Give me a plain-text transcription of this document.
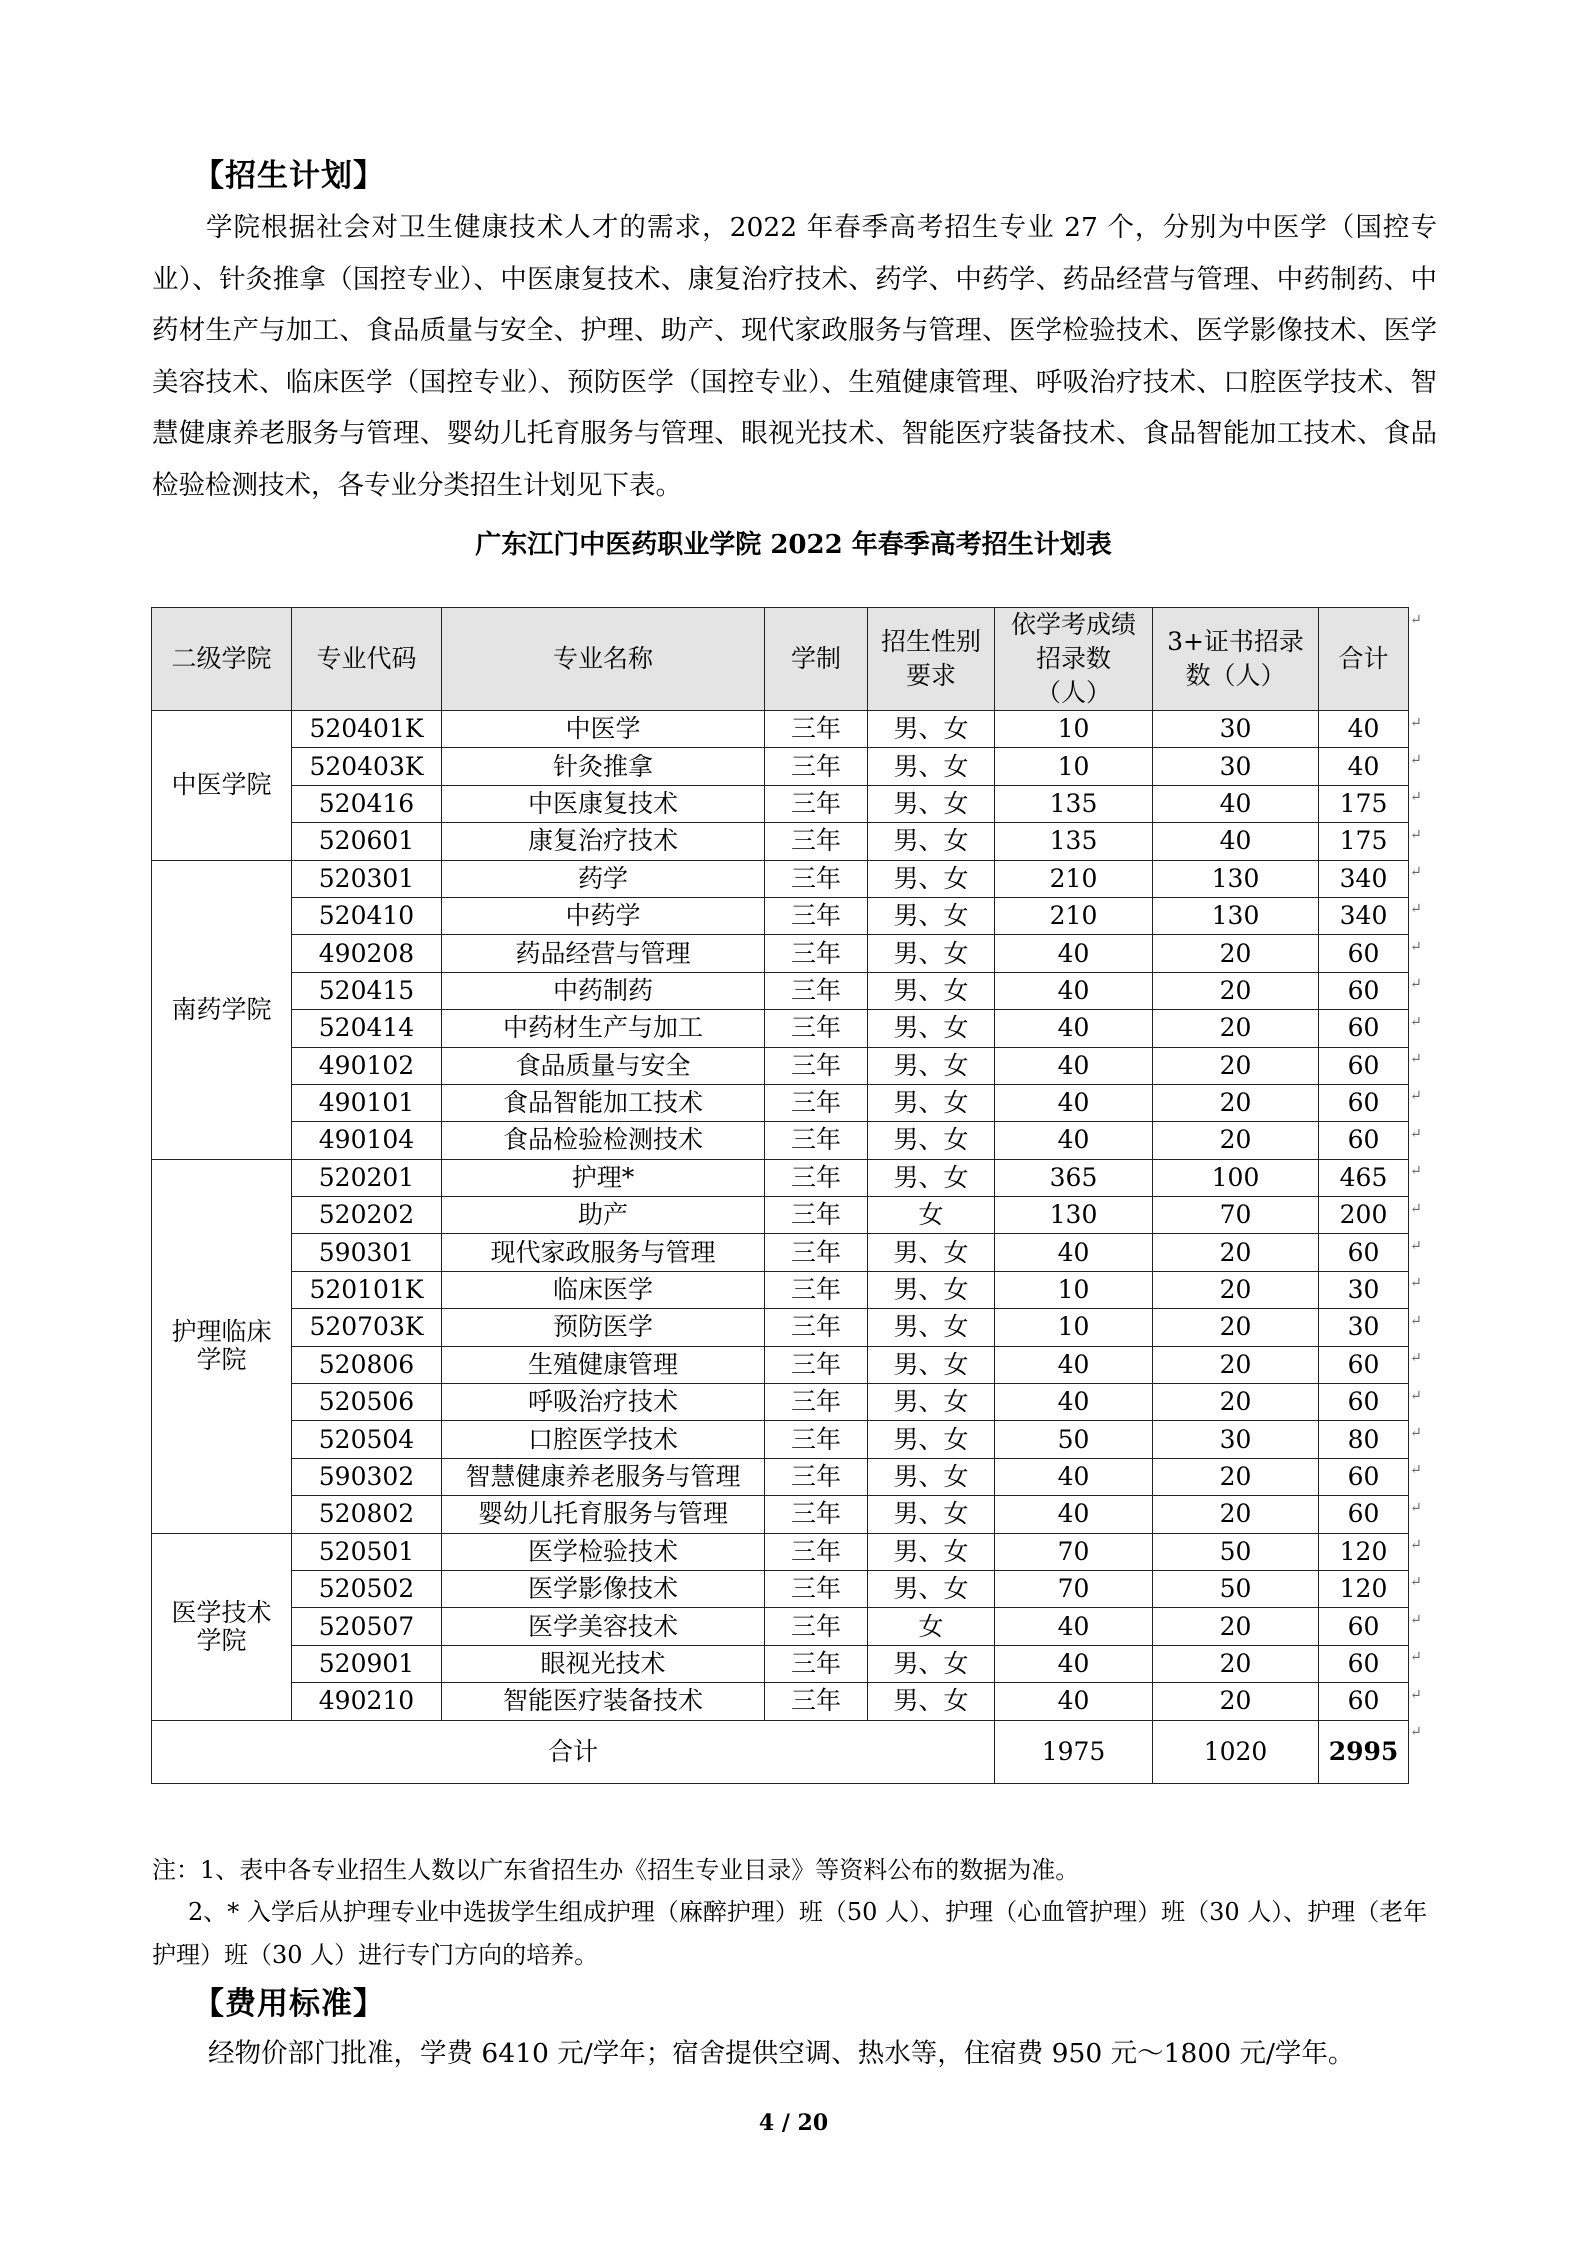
【招生计划】
学院根据社会对卫生健康技术人才的需求，2022 年春季高考招生专业 27 个，分别为中医学（国控专业）、针灸推拿（国控专业）、中医康复技术、康复治疗技术、药学、中药学、药品经营与管理、中药制药、中药材生产与加工、食品质量与安全、护理、助产、现代家政服务与管理、医学检验技术、医学影像技术、医学美容技术、临床医学（国控专业）、预防医学（国控专业）、生殖健康管理、呼吸治疗技术、口腔医学技术、智慧健康养老服务与管理、婴幼儿托育服务与管理、眼视光技术、智能医疗装备技术、食品智能加工技术、食品检验检测技术，各专业分类招生计划见下表。
广东江门中医药职业学院 2022 年春季高考招生计划表
二级学院	专业代码	专业名称	学制	招生性别要求	依学考成绩招录数（人）	3+证书招录数（人）	合计
中医学院	520401K	中医学	三年	男、女	10	30	40
	520403K	针灸推拿	三年	男、女	10	30	40
	520416	中医康复技术	三年	男、女	135	40	175
	520601	康复治疗技术	三年	男、女	135	40	175
南药学院	520301	药学	三年	男、女	210	130	340
	520410	中药学	三年	男、女	210	130	340
	490208	药品经营与管理	三年	男、女	40	20	60
	520415	中药制药	三年	男、女	40	20	60
	520414	中药材生产与加工	三年	男、女	40	20	60
	490102	食品质量与安全	三年	男、女	40	20	60
	490101	食品智能加工技术	三年	男、女	40	20	60
	490104	食品检验检测技术	三年	男、女	40	20	60
护理临床学院	520201	护理*	三年	男、女	365	100	465
	520202	助产	三年	女	130	70	200
	590301	现代家政服务与管理	三年	男、女	40	20	60
	520101K	临床医学	三年	男、女	10	20	30
	520703K	预防医学	三年	男、女	10	20	30
	520806	生殖健康管理	三年	男、女	40	20	60
	520506	呼吸治疗技术	三年	男、女	40	20	60
	520504	口腔医学技术	三年	男、女	50	30	80
	590302	智慧健康养老服务与管理	三年	男、女	40	20	60
	520802	婴幼儿托育服务与管理	三年	男、女	40	20	60
医学技术学院	520501	医学检验技术	三年	男、女	70	50	120
	520502	医学影像技术	三年	男、女	70	50	120
	520507	医学美容技术	三年	女	40	20	60
	520901	眼视光技术	三年	男、女	40	20	60
	490210	智能医疗装备技术	三年	男、女	40	20	60
合计					1975	1020	2995
↵
↵
↵
↵
↵
↵
↵
↵
↵
↵
↵
↵
↵
↵
↵
↵
↵
↵
↵
↵
↵
↵
↵
↵
↵
↵
↵
↵
↵
注：1、表中各专业招生人数以广东省招生办《招生专业目录》等资料公布的数据为准。
2、* 入学后从护理专业中选拔学生组成护理（麻醉护理）班（50 人）、护理（心血管护理）班（30 人）、护理（老年护理）班（30 人）进行专门方向的培养。
【费用标准】
经物价部门批准，学费 6410 元/学年；宿舍提供空调、热水等，住宿费 950 元～1800 元/学年。
4 / 20
